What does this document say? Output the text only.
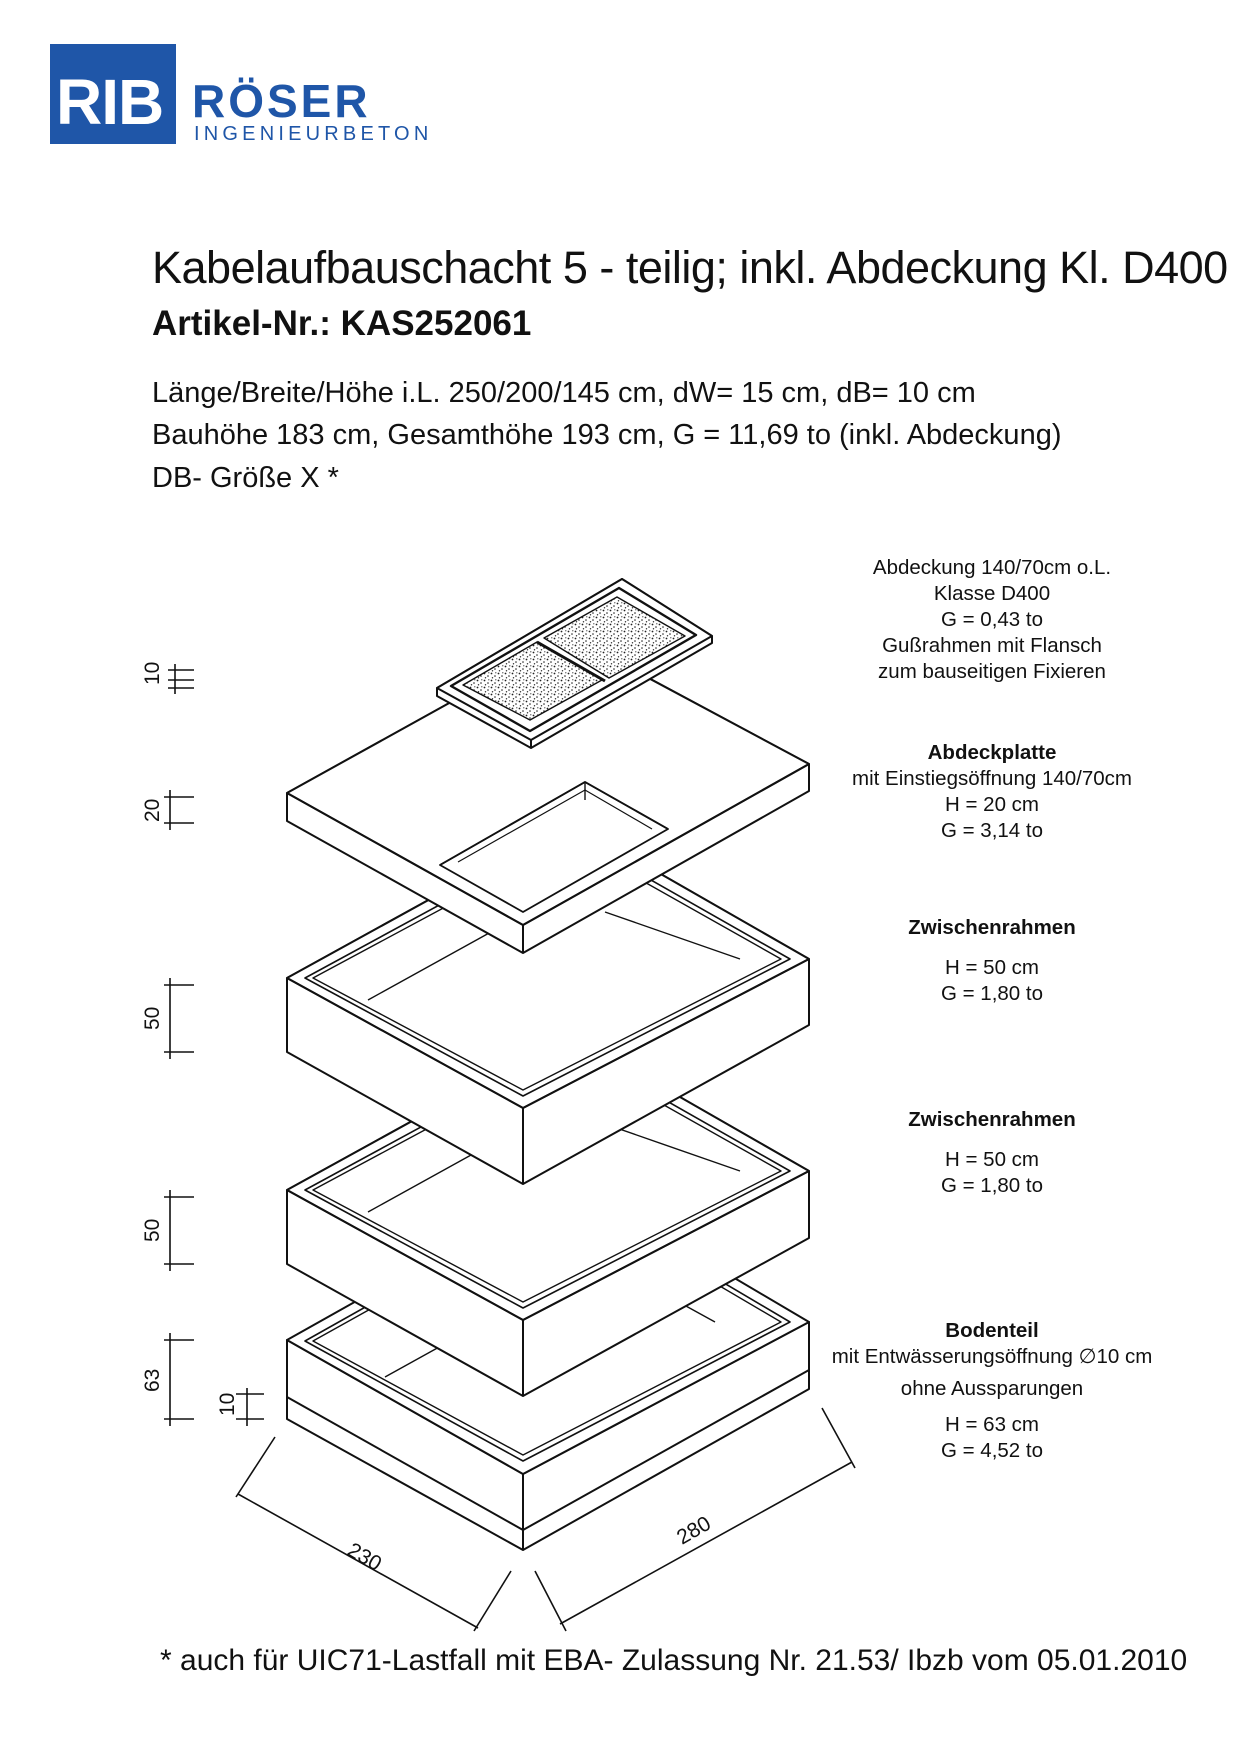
RIB RÖSER
INGENIEURBETON
Kabelaufbauschacht 5 - teilig; inkl. Abdeckung Kl. D400
Artikel-Nr.: KAS252061
Länge/Breite/Höhe i.L. 250/200/145 cm, dW= 15 cm, dB= 10 cm
Bauhöhe 183 cm, Gesamthöhe 193 cm, G = 11,69 to (inkl. Abdeckung)
DB- Größe X *
10
20
50
50
63
10
230
280
Abdeckung 140/70cm o.L.
Klasse D400
G = 0,43 to
Gußrahmen mit Flansch
zum bauseitigen Fixieren
Abdeckplatte
mit Einstiegsöffnung 140/70cm
H = 20 cm
G = 3,14 to
Zwischenrahmen
H = 50 cm
G = 1,80 to
Zwischenrahmen
H = 50 cm
G = 1,80 to
Bodenteil
mit Entwässerungsöffnung ∅10 cm
ohne Aussparungen
H = 63 cm
G = 4,52 to
* auch für UIC71-Lastfall mit EBA- Zulassung Nr. 21.53/ Ibzb vom 05.01.2010
